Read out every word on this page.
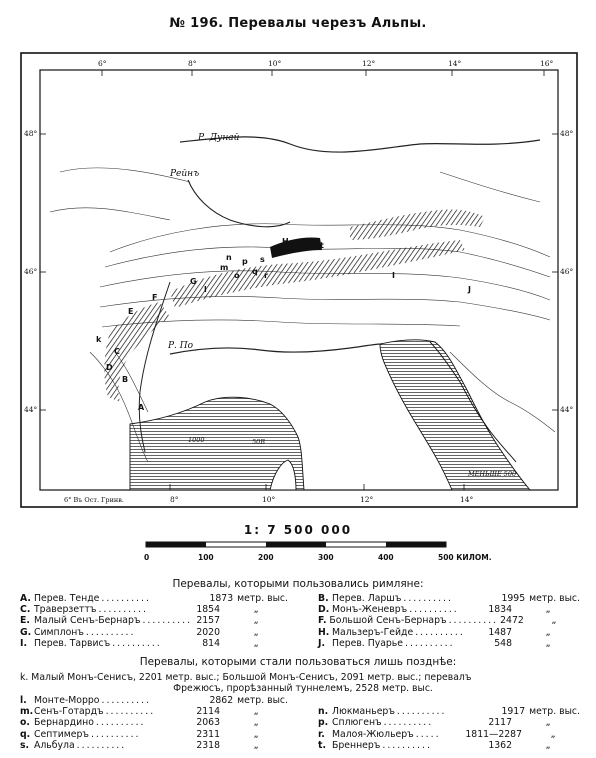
№ 196. Перевалы черезъ Альпы.
6°	8°	10°	12°	14°	16°
48°
46°
44°
48°
46°
44°
6° Въ Ост. Гринв.	8°	10°	12°	14°
Р. Дунай
Рейнъ
Р. По
1000	50В
МЕНЬШЕ 500
A
C
E
G
I
B
D
F
H
J
k
m
o q
s
l
n p
r
t
1: 7 500 000
0	100	200	300	400	500 КИЛОМ.
Перевалы, которыми пользовались римляне:
A. Перев. Тенде ..........	1873 метр. выс.
C. Траверзеттъ ..........	1854	„
E. Малый Сенъ-Бернаръ .......... 2157	„
G. Симплонъ ..........	2020	„
I. Перев. Тарвисъ ..........	814	„
B. Перев. Ларшъ ..........	1995 метр. выс.
D. Монъ-Женевръ ..........	1834	„
F. Большой Сенъ-Бернаръ .......... 2472	„
H. Мальзеръ-Гейде ..........	1487	„
J. Перев. Пуарье ..........	548	„
Перевалы, которыми стали пользоваться лишь позднѣе:
k. Малый Монъ-Сенисъ, 2201 метр. выс.; Большой Монъ-Сенисъ, 2091 метр. выс.; перевалъ
Фрежюсъ, прорѣзанный туннелемъ, 2528 метр. выс.
l. Монте-Морро ..........	2862 метр. выс.
m. Сенъ-Готардъ ..........	2114	„
o. Бернардино ..........	2063	„
q. Септимеръ ..........	2311	„
s. Альбула ..........	2318	„
n. Люкманьеръ ..........	1917 метр. выс.
p. Сплюгенъ ..........	2117	„
r. Малоя-Жюльеръ .....	1811—2287	„
t. Бреннеръ ..........	1362	„
